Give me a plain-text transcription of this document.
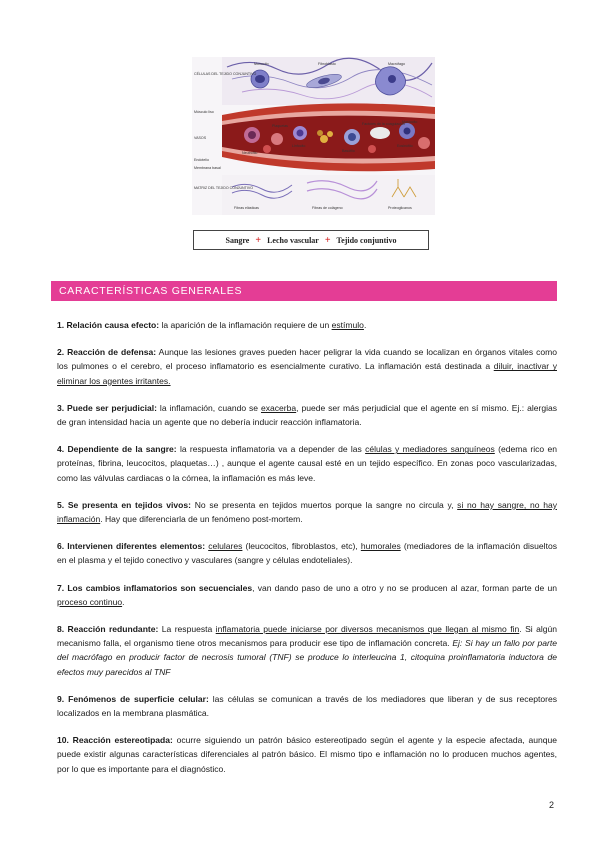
CÉLULAS DEL TEJIDO CONJUNTIVO
Músculo liso
VASOS
Endotelio
Membrana basal
MATRIZ DEL TEJIDO CONJUNTIVO
Monocito	Fibroblasto	Macrófago
Neutrófilo
Plaquetas
Linfocito
Basófilo
Eosinófilo
Factores de la coagulación
Mastocito
Fibras elásticas	Fibras de colágeno	Proteoglicanos
Sangre + Lecho vascular + Tejido conjuntivo
CARACTERÍSTICAS GENERALES

1. Relación causa efecto: la aparición de la inflamación requiere de un estímulo.

2. Reacción de defensa: Aunque las lesiones graves pueden hacer peligrar la vida cuando se localizan en órganos vitales como los pulmones o el cerebro, el proceso inflamatorio es esencialmente curativo. La inflamación está destinada a diluir, inactivar y eliminar los agentes irritantes.

3. Puede ser perjudicial: la inflamación, cuando se exacerba, puede ser más perjudicial que el agente en sí mismo. Ej.: alergias de gran intensidad hacia un agente que no debería inducir reacción inflamatoria.

4. Dependiente de la sangre: la respuesta inflamatoria va a depender de las células y mediadores sanguíneos (edema rico en proteínas, fibrina, leucocitos, plaquetas…) , aunque el agente causal esté en un tejido específico. En zonas poco vascularizadas, como las válvulas cardiacas o la córnea, la inflamación es más leve.

5. Se presenta en tejidos vivos: No se presenta en tejidos muertos porque la sangre no circula y, si no hay sangre, no hay inflamación. Hay que diferenciarla de un fenómeno post-mortem.

6. Intervienen diferentes elementos: celulares (leucocitos, fibroblastos, etc), humorales (mediadores de la inflamación disueltos en el plasma y el tejido conectivo y vasculares (sangre y células endoteliales).

7. Los cambios inflamatorios son secuenciales, van dando paso de uno a otro y no se producen al azar, forman parte de un proceso continuo.

8. Reacción redundante: La respuesta inflamatoria puede iniciarse por diversos mecanismos que llegan al mismo fin. Si algún mecanismo falla, el organismo tiene otros mecanismos para producir ese tipo de inflamación concreta. Ej: Si hay un fallo por parte del macrófago en producir factor de necrosis tumoral (TNF) se produce lo interleucina 1, citoquina proinflamatoria inductora de efectos muy parecidos al TNF

9. Fenómenos de superficie celular: las células se comunican a través de los mediadores que liberan y de sus receptores localizados en la membrana plasmática.

10. Reacción estereotipada: ocurre siguiendo un patrón básico estereotipado según el agente y la especie afectada, aunque puede existir algunas características diferenciales al patrón básico. El mismo tipo e inflamación no lo producen muchos agentes, por lo que es importante para el diagnóstico.

2
